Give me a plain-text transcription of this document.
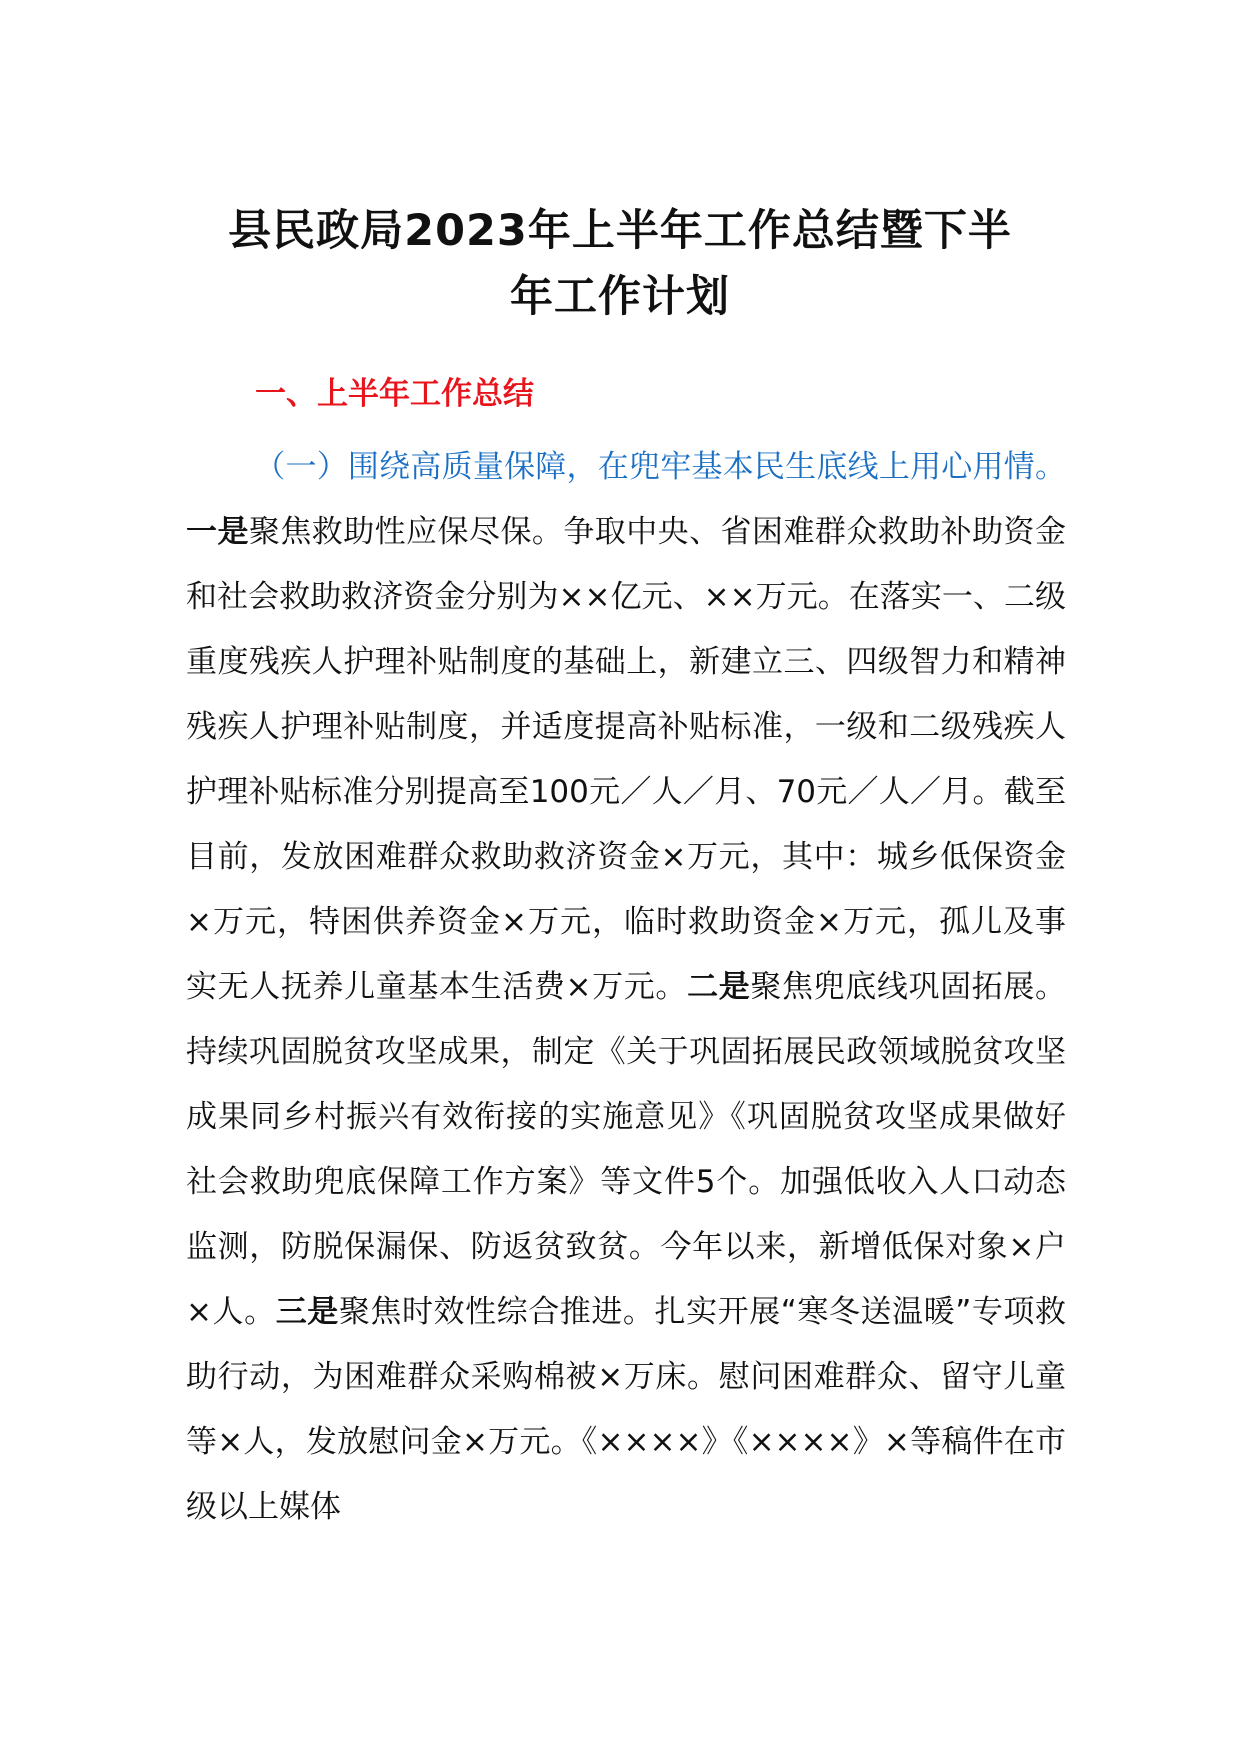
县民政局2023年上半年工作总结暨下半
年工作计划
一、上半年工作总结

（一）围绕高质量保障，在兜牢基本民生底线上用心用情。一是聚焦救助性应保尽保。争取中央、省困难群众救助补助资金和社会救助救济资金分别为××亿元、××万元。在落实一、二级重度残疾人护理补贴制度的基础上，新建立三、四级智力和精神残疾人护理补贴制度，并适度提高补贴标准，一级和二级残疾人护理补贴标准分别提高至100元／人／月、70元／人／月。截至目前，发放困难群众救助救济资金×万元，其中：城乡低保资金×万元，特困供养资金×万元，临时救助资金×万元，孤儿及事实无人抚养儿童基本生活费×万元。二是聚焦兜底线巩固拓展。持续巩固脱贫攻坚成果，制定《关于巩固拓展民政领域脱贫攻坚成果同乡村振兴有效衔接的实施意见》《巩固脱贫攻坚成果做好社会救助兜底保障工作方案》等文件5个。加强低收入人口动态监测，防脱保漏保、防返贫致贫。今年以来，新增低保对象×户×人。三是聚焦时效性综合推进。扎实开展“寒冬送温暖”专项救助行动，为困难群众采购棉被×万床。慰问困难群众、留守儿童等×人，发放慰问金×万元。《××××》《××××》×等稿件在市级以上媒体
